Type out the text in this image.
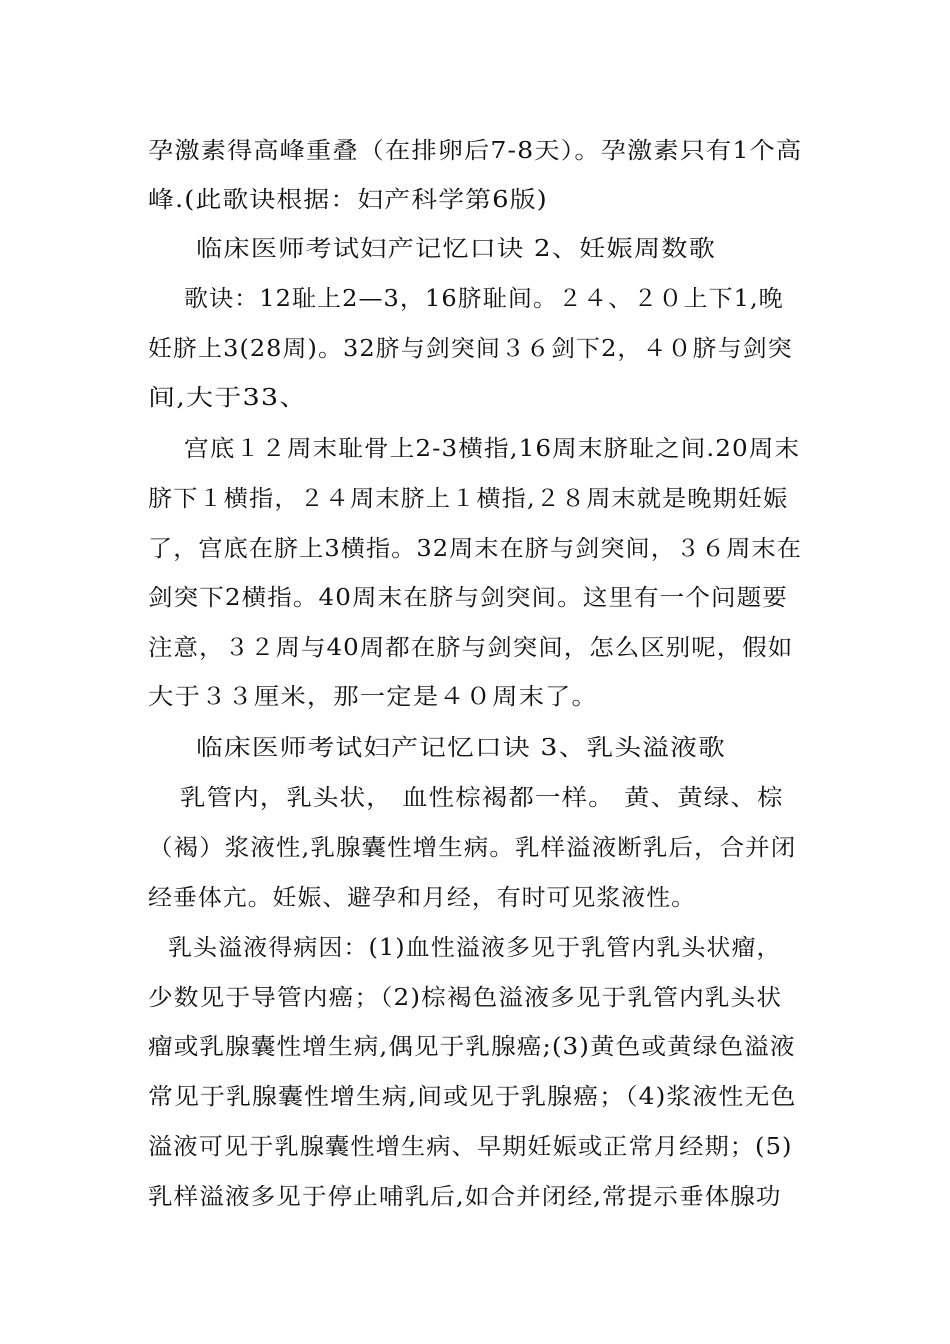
孕激素得高峰重叠（在排卵后7-8天）。孕激素只有1个高
峰.(此歌诀根据：妇产科学第6版)
临床医师考试妇产记忆口诀 2、妊娠周数歌
歌诀：12耻上2—3，16脐耻间。２４、２０上下1,晚
妊脐上3(28周)。32脐与剑突间３６剑下2，４０脐与剑突
间,大于33、
宫底１２周末耻骨上2-3横指,16周末脐耻之间.20周末
脐下１横指，２４周末脐上１横指,２８周末就是晚期妊娠
了，宫底在脐上3横指。32周末在脐与剑突间，３６周末在
剑突下2横指。40周末在脐与剑突间。这里有一个问题要
注意，３２周与40周都在脐与剑突间，怎么区别呢，假如
大于３３厘米，那一定是４０周末了。
临床医师考试妇产记忆口诀 3、乳头溢液歌
乳管内，乳头状， 血性棕褐都一样。 黄、黄绿、棕
（褐）浆液性,乳腺囊性增生病。乳样溢液断乳后，合并闭
经垂体亢。妊娠、避孕和月经，有时可见浆液性。
乳头溢液得病因：(1)血性溢液多见于乳管内乳头状瘤，
少数见于导管内癌；（2)棕褐色溢液多见于乳管内乳头状
瘤或乳腺囊性增生病,偶见于乳腺癌;(3)黄色或黄绿色溢液
常见于乳腺囊性增生病,间或见于乳腺癌；（4)浆液性无色
溢液可见于乳腺囊性增生病、早期妊娠或正常月经期；(5)
乳样溢液多见于停止哺乳后,如合并闭经,常提示垂体腺功
